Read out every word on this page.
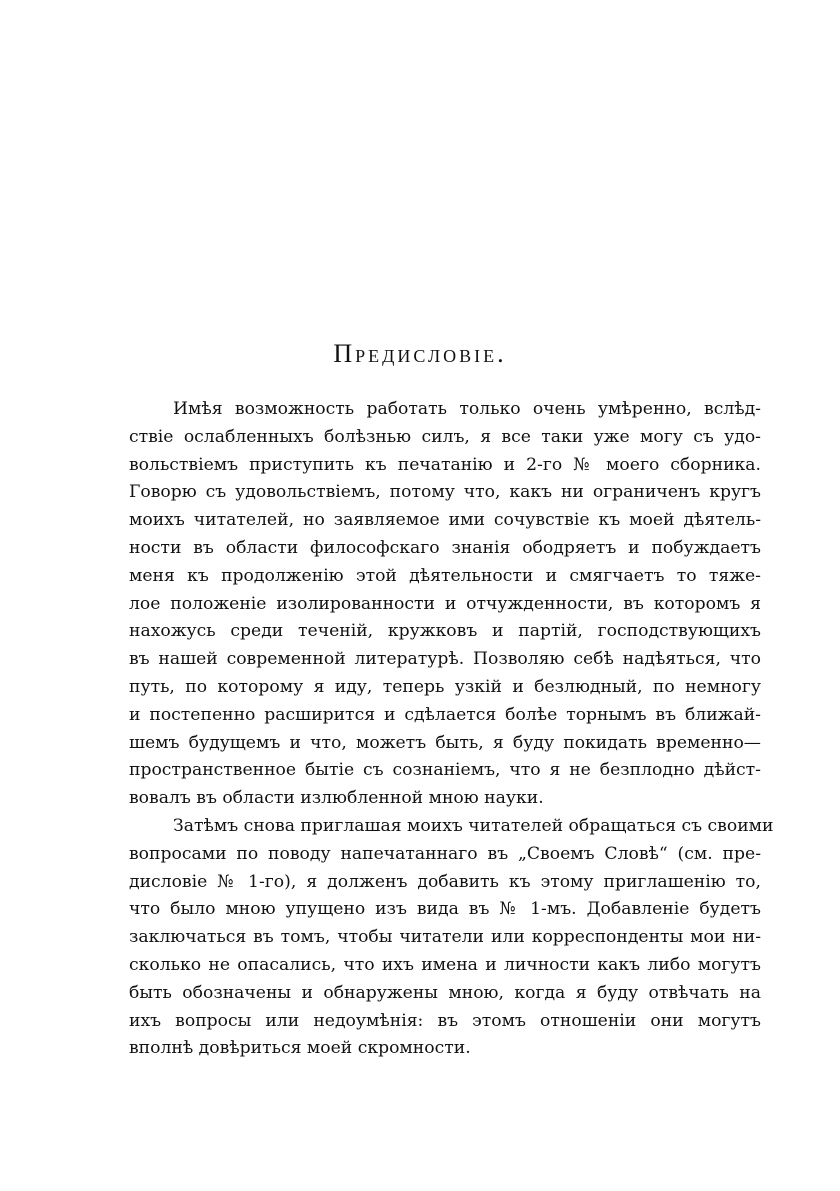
Предисловіе.
Имѣя возможность работать только очень умѣренно, вслѣд-
ствіе ослабленныхъ болѣзнью силъ, я все таки уже могу съ удо-
вольствіемъ приступить къ печатанію и 2-го № моего сборника.
Говорю съ удовольствіемъ, потому что, какъ ни ограниченъ кругъ
моихъ читателей, но заявляемое ими сочувствіе къ моей дѣятель-
ности въ области философскаго знанія ободряетъ и побуждаетъ
меня къ продолженію этой дѣятельности и смягчаетъ то тяже-
лое положеніе изолированности и отчужденности, въ которомъ я
нахожусь среди теченій, кружковъ и партій, господствующихъ
въ нашей современной литературѣ. Позволяю себѣ надѣяться, что
путь, по которому я иду, теперь узкій и безлюдный, по немногу
и постепенно расширится и сдѣлается болѣе торнымъ въ ближай-
шемъ будущемъ и что, можетъ быть, я буду покидать временно—
пространственное бытіе съ сознаніемъ, что я не безплодно дѣйст-
вовалъ въ области излюбленной мною науки.
Затѣмъ снова приглашая моихъ читателей обращаться съ своими
вопросами по поводу напечатаннаго въ „Своемъ Словѣ“ (см. пре-
дисловіе № 1-го), я долженъ добавить къ этому приглашенію то,
что было мною упущено изъ вида въ № 1-мъ. Добавленіе будетъ
заключаться въ томъ, чтобы читатели или корреспонденты мои ни-
сколько не опасались, что ихъ имена и личности какъ либо могутъ
быть обозначены и обнаружены мною, когда я буду отвѣчать на
ихъ вопросы или недоумѣнія: въ этомъ отношеніи они могутъ
вполнѣ довѣриться моей скромности.
